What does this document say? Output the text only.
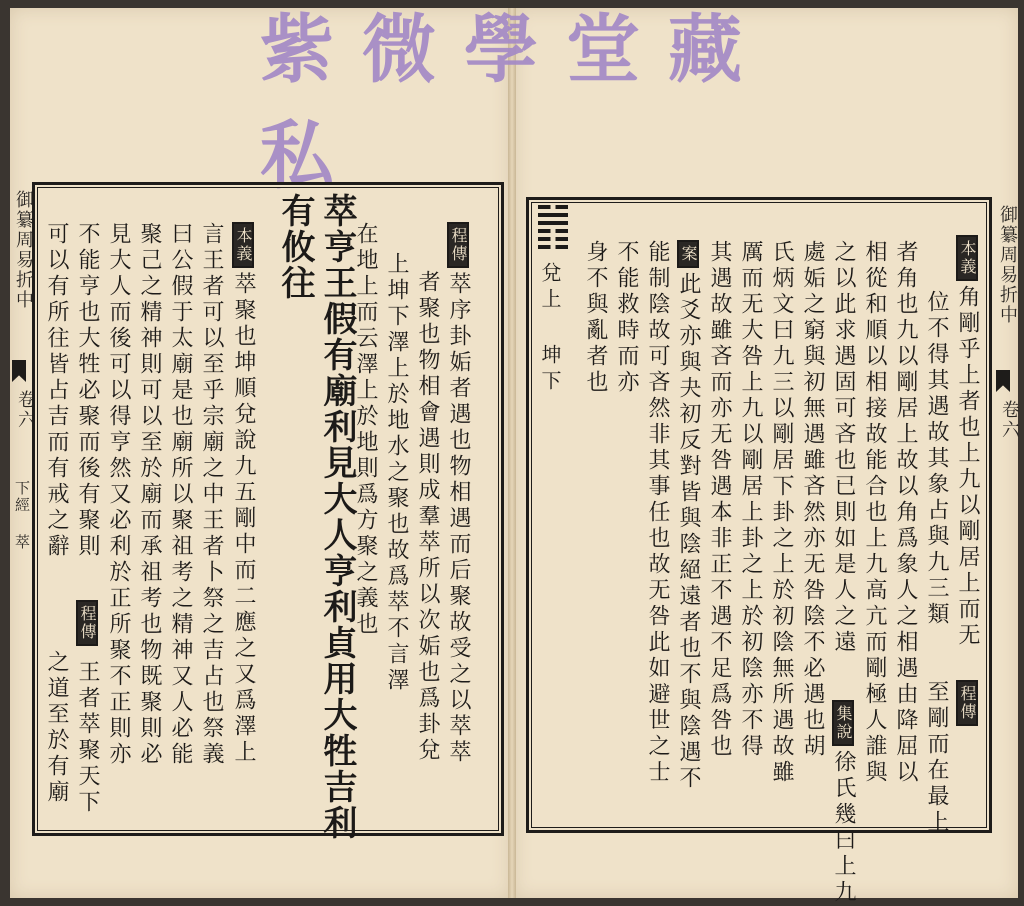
紫微學堂藏私
御纂周易折中
卷六
下經 萃
御纂周易折中
卷六
程傳萃序卦姤者遇也物相遇而后聚故受之以萃萃
者聚也物相會遇則成羣萃所以次姤也爲卦兌
上坤下澤上於地水之聚也故爲萃不言澤
在地上而云澤上於地則爲方聚之義也
萃亨王假有廟利見大人亨利貞用大牲吉利
有攸往
本義萃聚也坤順兌說九五剛中而二應之又爲澤上
言王者可以至乎宗廟之中王者卜祭之吉占也祭義
曰公假于太廟是也廟所以聚祖考之精神又人必能
聚己之精神則可以至於廟而承祖考也物既聚則必
見大人而後可以得亨然又必利於正所聚不正則亦
不能亨也大牲必聚而後有聚則
可以有所往皆占吉而有戒之辭
程傳
王者萃聚天下
之道至於有廟
本義角剛乎上者也上九以剛居上而无
位不得其遇故其象占與九三類
程傳
至剛而在最上
者角也九以剛居上故以角爲象人之相遇由降屈以
相從和順以相接故能合也上九高亢而剛極人誰與
之以此求遇固可吝也已則如是人之遠
集說徐氏幾曰上九
處姤之窮與初無遇雖吝然亦无咎陰不必遇也胡
氏炳文曰九三以剛居下卦之上於初陰無所遇故雖
厲而无大咎上九以剛居上卦之上於初陰亦不得
其遇故雖吝而亦无咎遇本非正不遇不足爲咎也
案此爻亦與夬初反對皆與陰絕遠者也不與陰遇不
能制陰故可吝然非其事任也故无咎此如避世之士
不能救時而亦
身不與亂者也
兌上 坤下
